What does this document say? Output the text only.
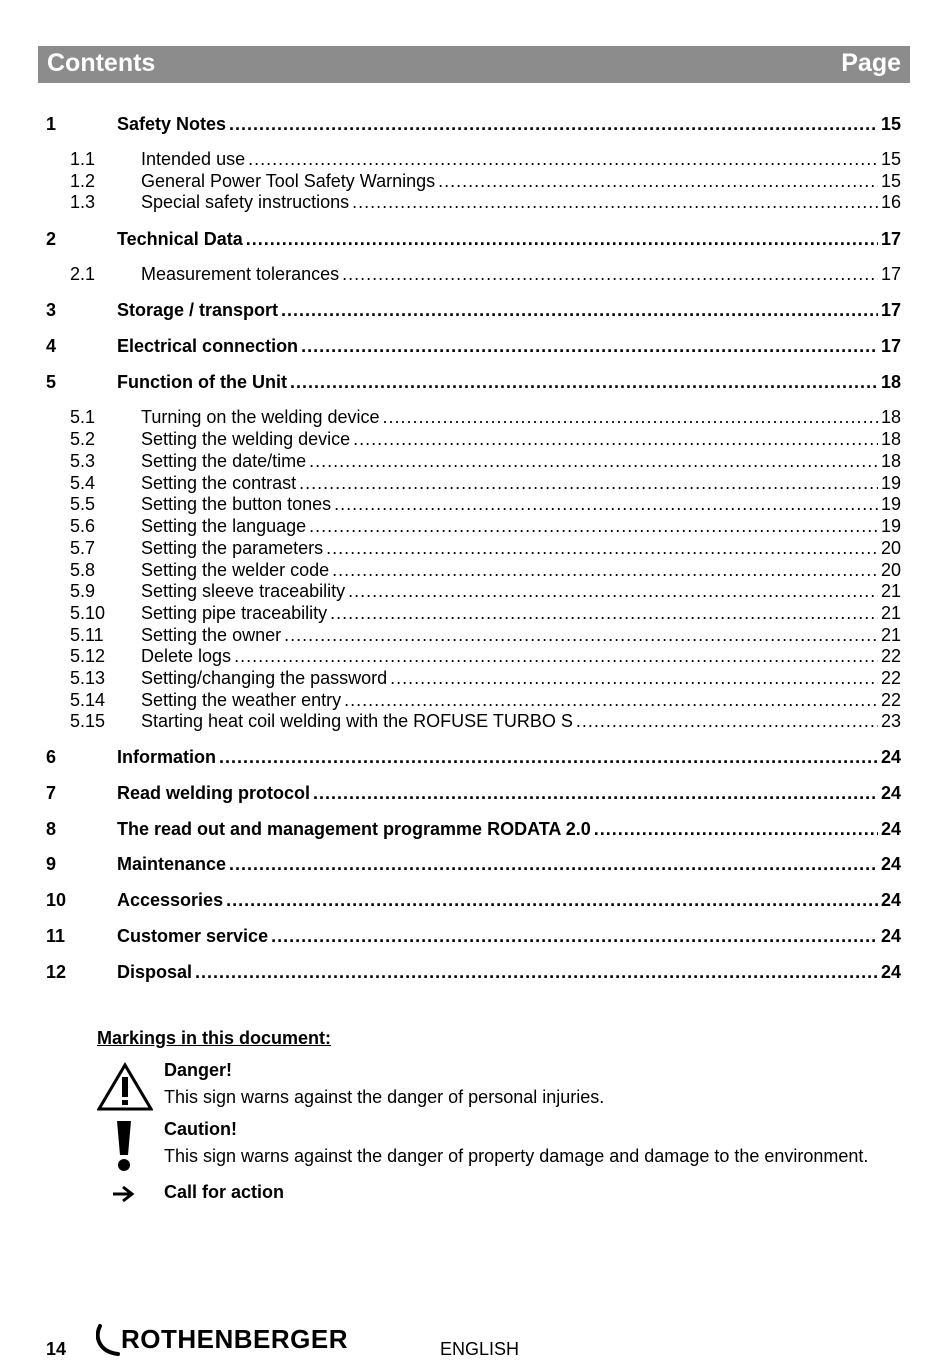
Contents	Page
1	Safety Notes .....	15
1.1	Intended use .....	15
1.2	General Power Tool Safety Warnings .....	15
1.3	Special safety instructions .....	16
2	Technical Data .....	17
2.1	Measurement tolerances .....	17
3	Storage / transport .....	17
4	Electrical connection .....	17
5	Function of the Unit .....	18
5.1	Turning on the welding device .....	18
5.2	Setting the welding device .....	18
5.3	Setting the date/time .....	18
5.4	Setting the contrast .....	19
5.5	Setting the button tones .....	19
5.6	Setting the language .....	19
5.7	Setting the parameters .....	20
5.8	Setting the welder code .....	20
5.9	Setting sleeve traceability .....	21
5.10 Setting pipe traceability .....	21
5.11 Setting the owner .....	21
5.12 Delete logs .....	22
5.13 Setting/changing the password .....	22
5.14 Setting the weather entry .....	22
5.15 Starting heat coil welding with the ROFUSE TURBO S .....	23
6	Information .....	24
7	Read welding protocol .....	24
8	The read out and management programme RODATA 2.0 .....	24
9	Maintenance .....	24
10	Accessories .....	24
11	Customer service .....	24
12	Disposal .....	24
Markings in this document:
Danger!
This sign warns against the danger of personal injuries.
Caution!
This sign warns against the danger of property damage and damage to the environment.
Call for action
14 ROTHENBERGER	ENGLISH
